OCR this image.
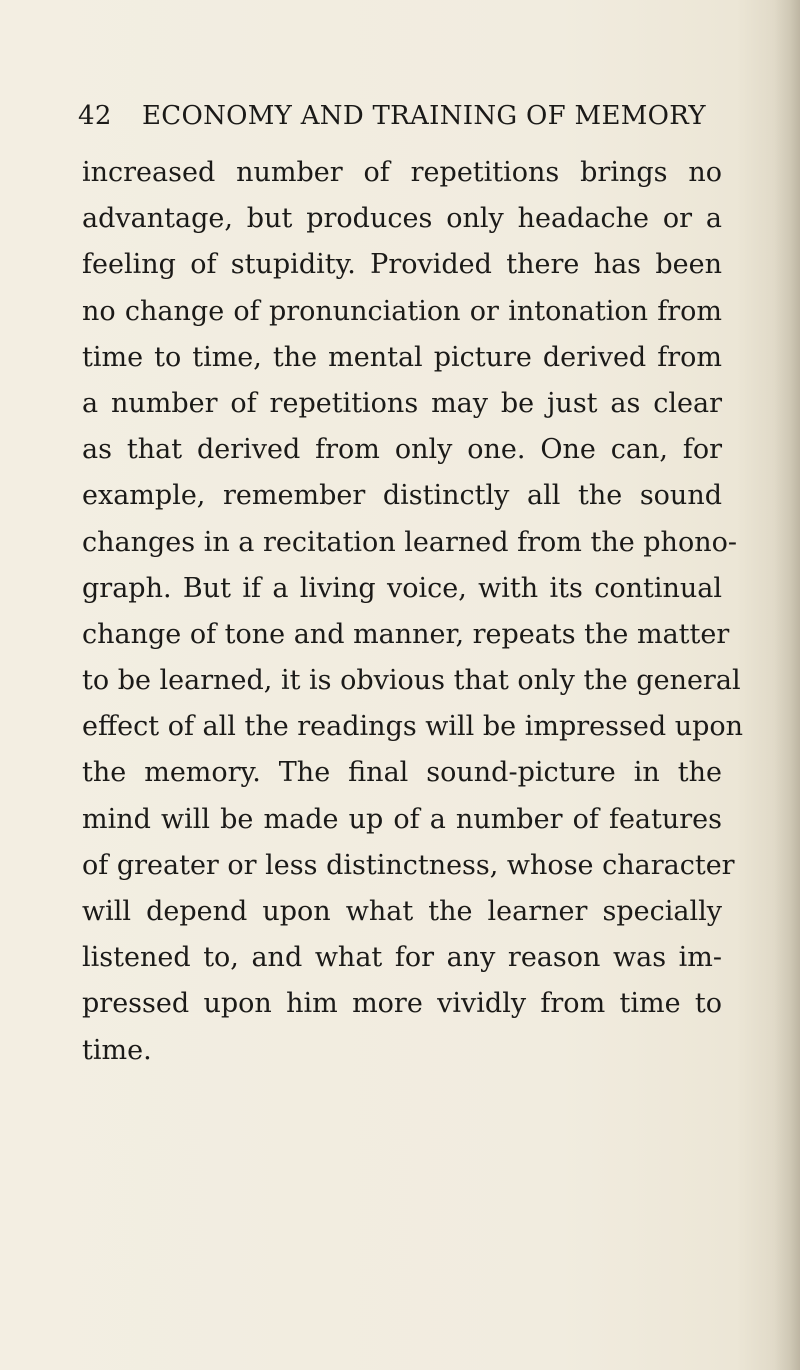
42 ECONOMY AND TRAINING OF MEMORY
increased number of repetitions brings no
advantage, but produces only headache or a
feeling of stupidity. Provided there has been
no change of pronunciation or intonation from
time to time, the mental picture derived from
a number of repetitions may be just as clear
as that derived from only one. One can, for
example, remember distinctly all the sound
changes in a recitation learned from the phono-
graph. But if a living voice, with its continual
change of tone and manner, repeats the matter
to be learned, it is obvious that only the general
effect of all the readings will be impressed upon
the memory. The final sound-picture in the
mind will be made up of a number of features
of greater or less distinctness, whose character
will depend upon what the learner specially
listened to, and what for any reason was im-
pressed upon him more vividly from time to
time.
